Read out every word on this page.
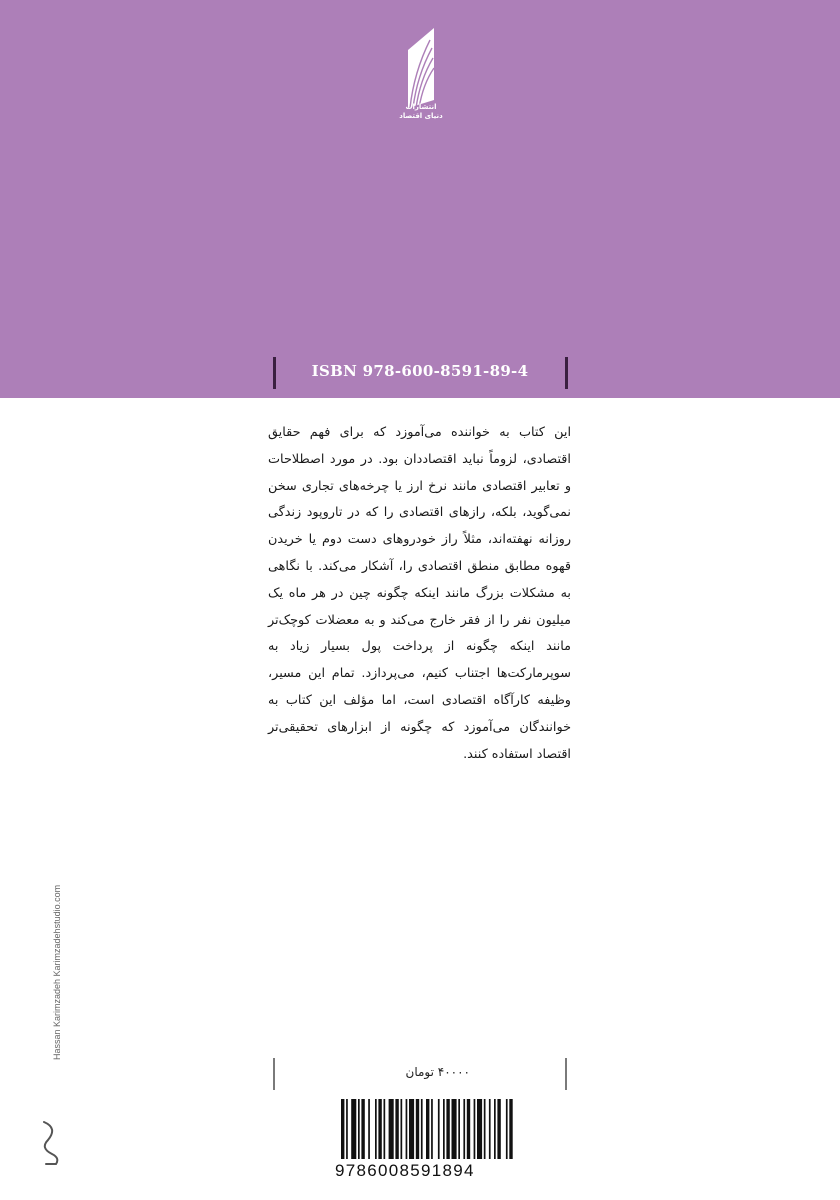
انتشارات
دنیای اقتصاد
ISBN 978-600-8591-89-4
این کتاب به خواننده می‌آموزد که برای فهم حقایق اقتصادی، لزوماً نباید اقتصاددان بود. در مورد اصطلاحات و تعابیر اقتصادی مانند نرخ ارز یا چرخه‌های تجاری سخن نمی‌گوید، بلکه، رازهای اقتصادی را که در تاروپود زندگی روزانه نهفته‌اند، مثلاً راز خودروهای دست دوم یا خریدن قهوه مطابق منطق اقتصادی را، آشکار می‌کند. با نگاهی به مشکلات بزرگ مانند اینکه چگونه چین در هر ماه یک میلیون نفر را از فقر خارج می‌کند و به معضلات کوچک‌تر مانند اینکه چگونه از پرداخت پول بسیار زیاد به سوپرمارکت‌ها اجتناب کنیم، می‌پردازد. تمام این مسیر، وظیفه کارآگاه اقتصادی است، اما مؤلف این کتاب به خوانندگان می‌آموزد که چگونه از ابزارهای تحقیقی‌تر اقتصاد استفاده کنند.
Hassan Karimzadeh Karimzadehstudio.com
۴۰۰۰۰ تومان
9786008591894
